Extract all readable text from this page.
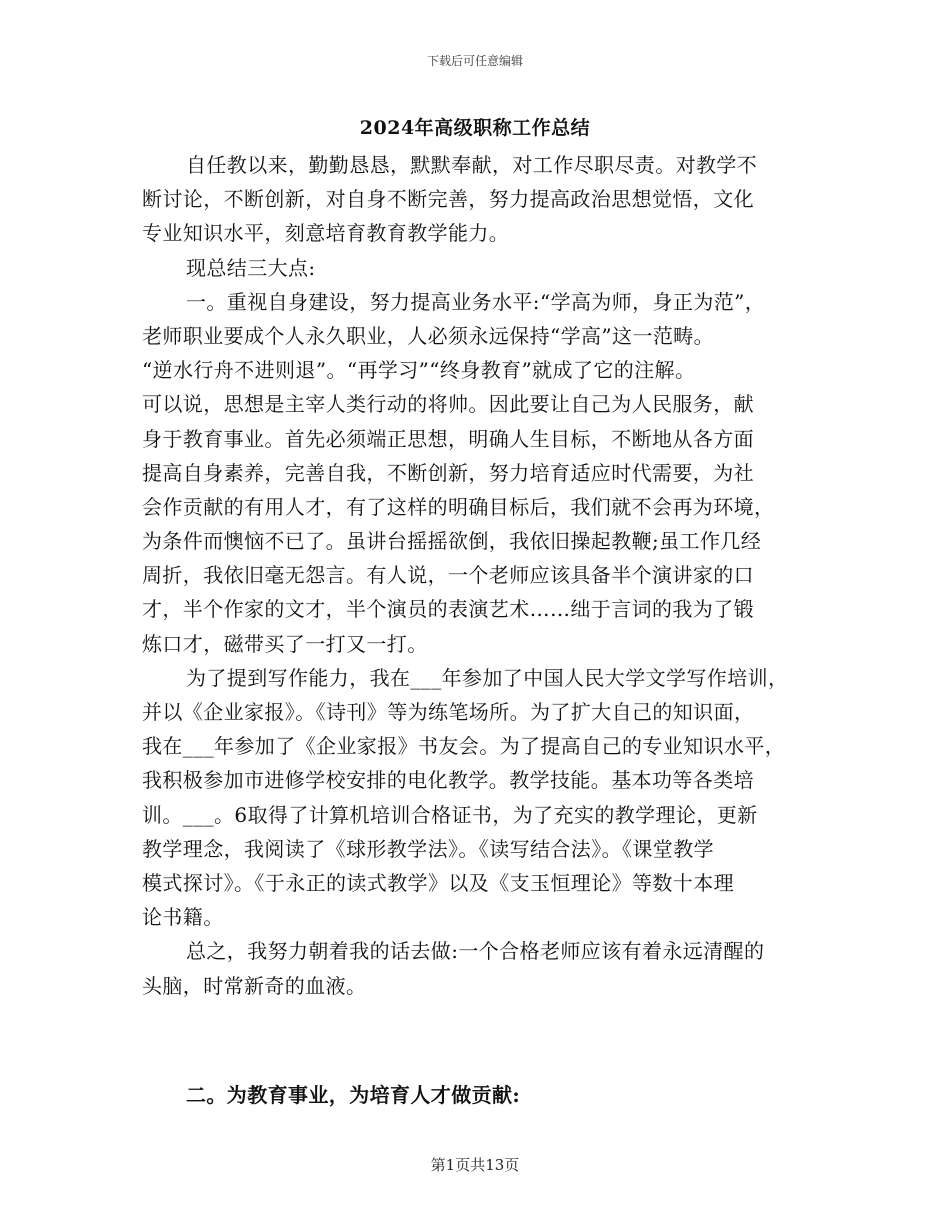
下载后可任意编辑
2024年高级职称工作总结
自任教以来，勤勤恳恳，默默奉献，对工作尽职尽责。对教学不
断讨论，不断创新，对自身不断完善，努力提高政治思想觉悟，文化
专业知识水平，刻意培育教育教学能力。
现总结三大点:
一。重视自身建设，努力提高业务水平:“学高为师，身正为范”，
老师职业要成个人永久职业，人必须永远保持“学高”这一范畴。
“逆水行舟不进则退”。“再学习”“终身教育”就成了它的注解。
可以说，思想是主宰人类行动的将帅。因此要让自己为人民服务，献
身于教育事业。首先必须端正思想，明确人生目标，不断地从各方面
提高自身素养，完善自我，不断创新，努力培育适应时代需要，为社
会作贡献的有用人才，有了这样的明确目标后，我们就不会再为环境，
为条件而懊恼不已了。虽讲台摇摇欲倒，我依旧操起教鞭;虽工作几经
周折，我依旧毫无怨言。有人说，一个老师应该具备半个演讲家的口
才，半个作家的文才，半个演员的表演艺术……绌于言词的我为了锻
炼口才，磁带买了一打又一打。
为了提到写作能力，我在___年参加了中国人民大学文学写作培训，
并以《企业家报》。《诗刊》等为练笔场所。为了扩大自己的知识面，
我在___年参加了《企业家报》书友会。为了提高自己的专业知识水平，
我积极参加市进修学校安排的电化教学。教学技能。基本功等各类培
训。___。6取得了计算机培训合格证书，为了充实的教学理论，更新
教学理念，我阅读了《球形教学法》。《读写结合法》。《课堂教学
模式探讨》。《于永正的读式教学》以及《支玉恒理论》等数十本理
论书籍。
总之，我努力朝着我的话去做:一个合格老师应该有着永远清醒的
头脑，时常新奇的血液。
二。为教育事业，为培育人才做贡献:
第1页共13页
